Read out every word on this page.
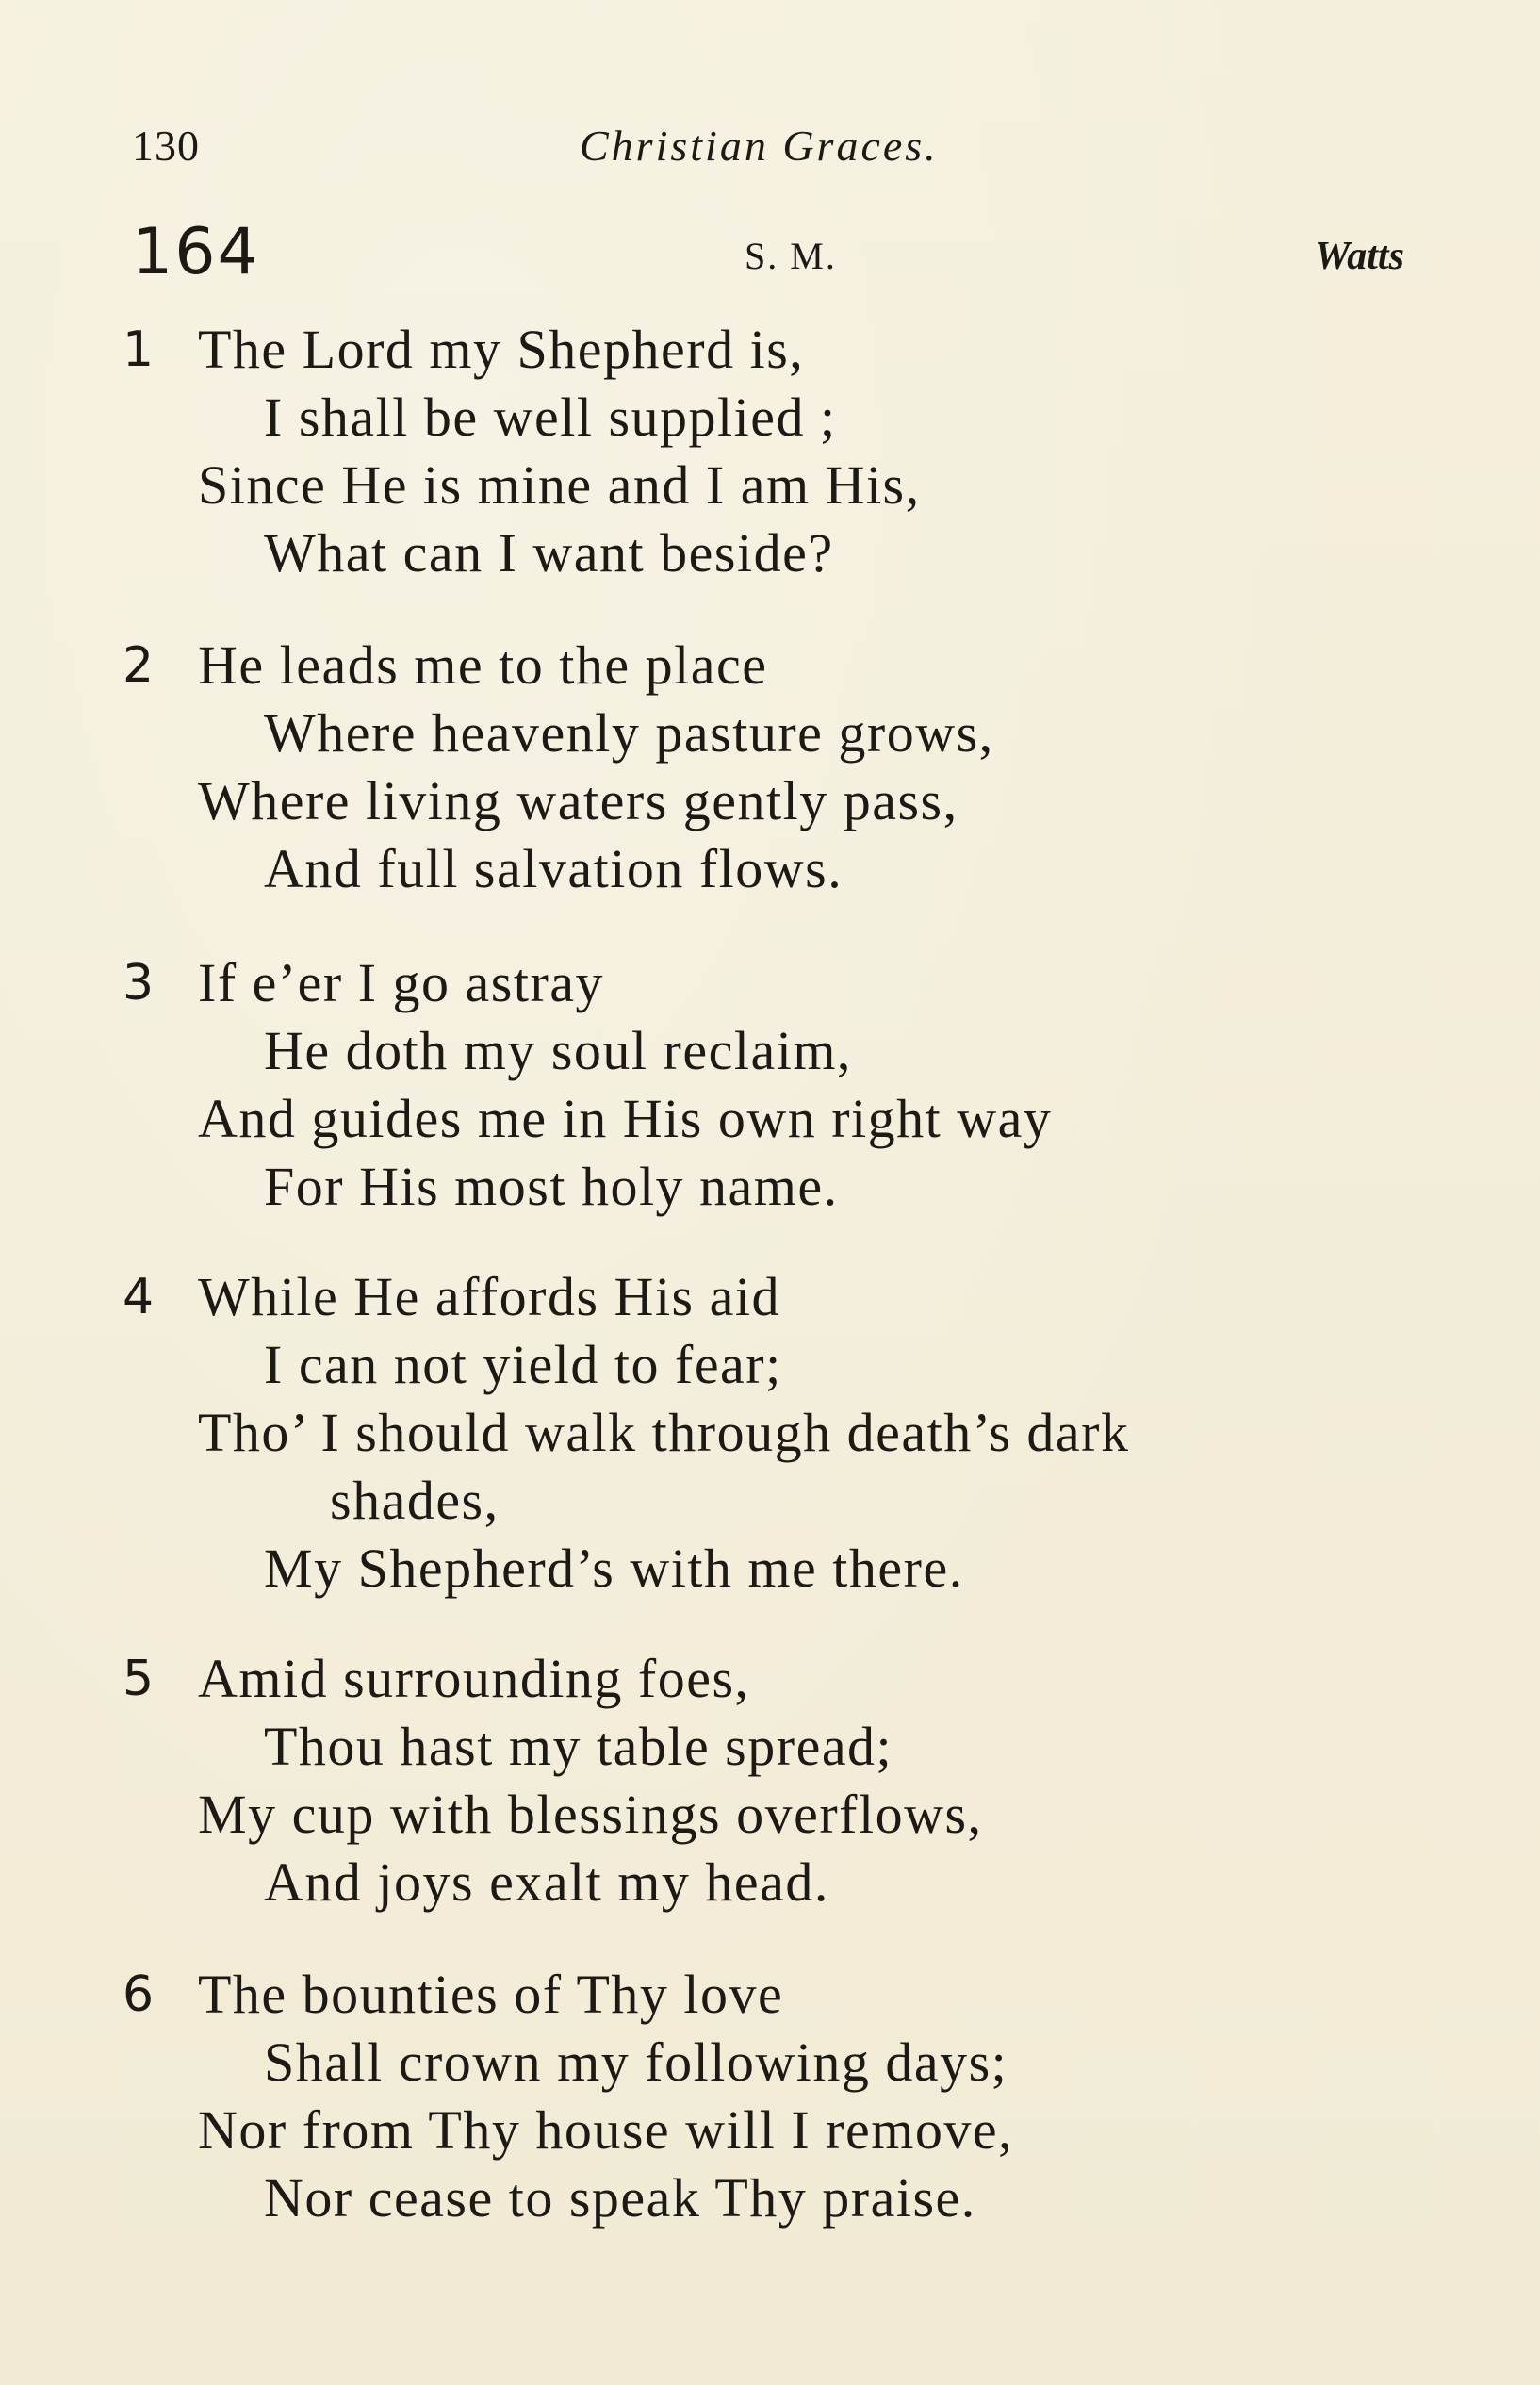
130	Christian Graces.
164	S. M.	Watts
1 The Lord my Shepherd is,
I shall be well supplied ;
Since He is mine and I am His,
What can I want beside?
2 He leads me to the place
Where heavenly pasture grows,
Where living waters gently pass,
And full salvation flows.
3 If e’er I go astray
He doth my soul reclaim,
And guides me in His own right way
For His most holy name.
4 While He affords His aid
I can not yield to fear;
Tho’ I should walk through death’s dark
shades,
My Shepherd’s with me there.
5 Amid surrounding foes,
Thou hast my table spread;
My cup with blessings overflows,
And joys exalt my head.
6 The bounties of Thy love
Shall crown my following days;
Nor from Thy house will I remove,
Nor cease to speak Thy praise.
